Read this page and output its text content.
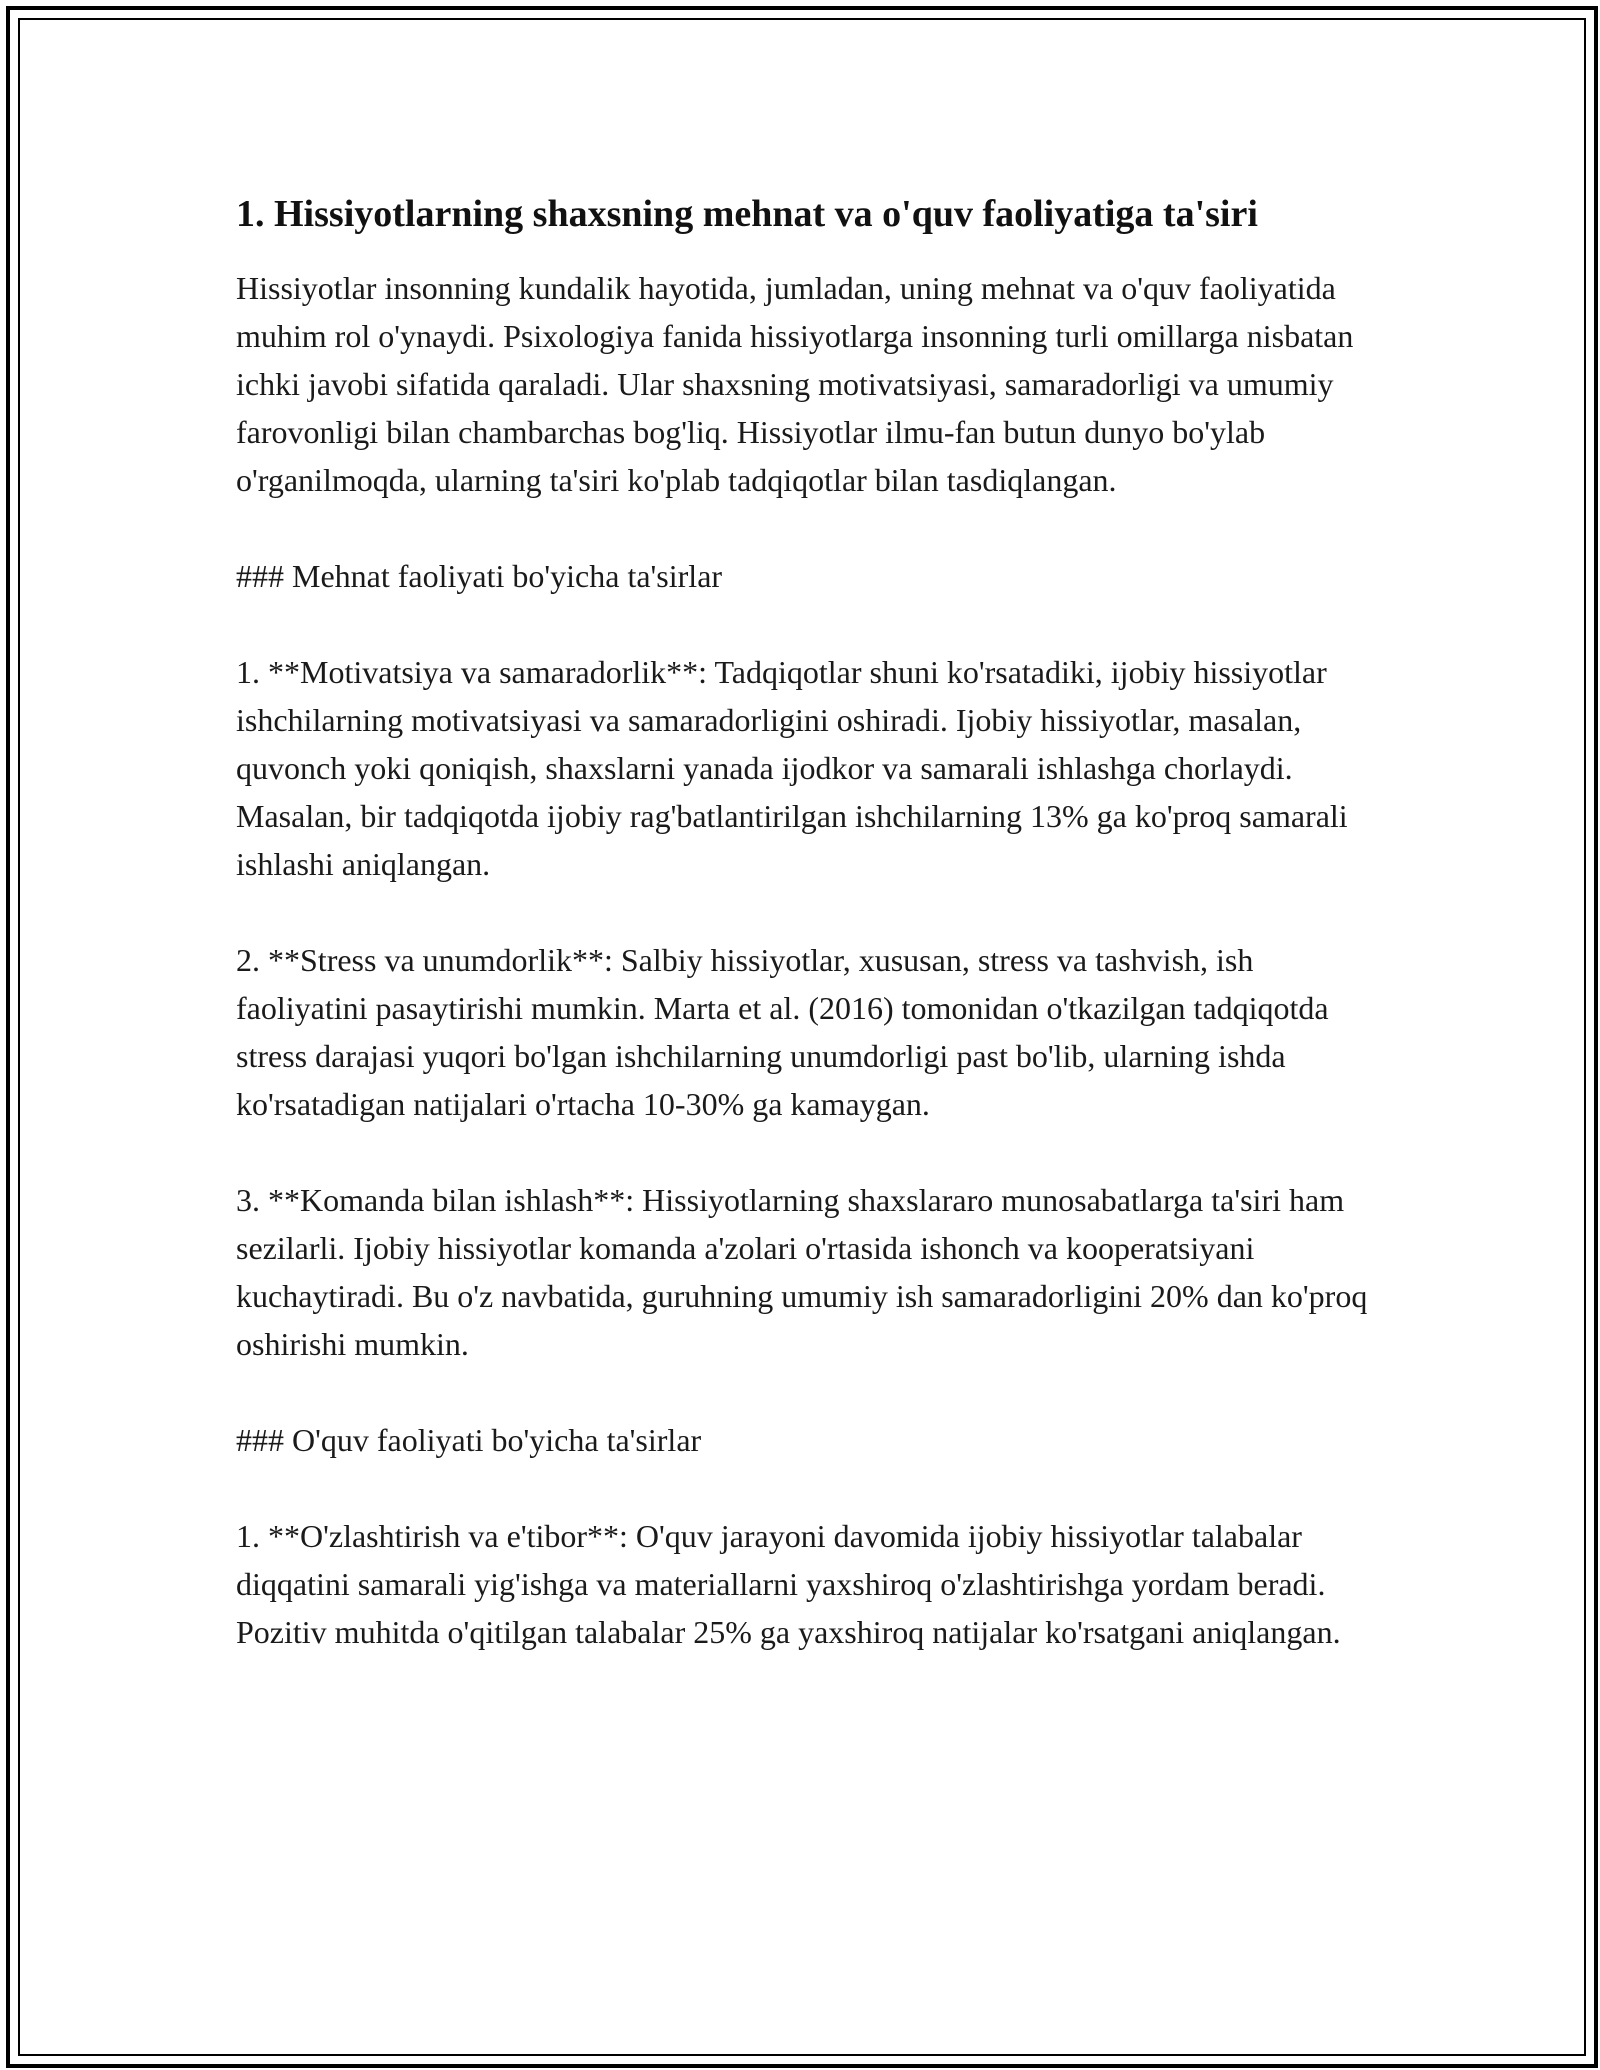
1. Hissiyotlarning shaxsning mehnat va o'quv faoliyatiga ta'siri

Hissiyotlar insonning kundalik hayotida, jumladan, uning mehnat va o'quv faoliyatida muhim rol o'ynaydi. Psixologiya fanida hissiyotlarga insonning turli omillarga nisbatan ichki javobi sifatida qaraladi. Ular shaxsning motivatsiyasi, samaradorligi va umumiy farovonligi bilan chambarchas bog'liq. Hissiyotlar ilmu-fan butun dunyo bo'ylab o'rganilmoqda, ularning ta'siri ko'plab tadqiqotlar bilan tasdiqlangan.

### Mehnat faoliyati bo'yicha ta'sirlar

1. **Motivatsiya va samaradorlik**: Tadqiqotlar shuni ko'rsatadiki, ijobiy hissiyotlar ishchilarning motivatsiyasi va samaradorligini oshiradi. Ijobiy hissiyotlar, masalan, quvonch yoki qoniqish, shaxslarni yanada ijodkor va samarali ishlashga chorlaydi. Masalan, bir tadqiqotda ijobiy rag'batlantirilgan ishchilarning 13% ga ko'proq samarali ishlashi aniqlangan.

2. **Stress va unumdorlik**: Salbiy hissiyotlar, xususan, stress va tashvish, ish faoliyatini pasaytirishi mumkin. Marta et al. (2016) tomonidan o'tkazilgan tadqiqotda stress darajasi yuqori bo'lgan ishchilarning unumdorligi past bo'lib, ularning ishda ko'rsatadigan natijalari o'rtacha 10-30% ga kamaygan.

3. **Komanda bilan ishlash**: Hissiyotlarning shaxslararo munosabatlarga ta'siri ham sezilarli. Ijobiy hissiyotlar komanda a'zolari o'rtasida ishonch va kooperatsiyani kuchaytiradi. Bu o'z navbatida, guruhning umumiy ish samaradorligini 20% dan ko'proq oshirishi mumkin.

### O'quv faoliyati bo'yicha ta'sirlar

1. **O'zlashtirish va e'tibor**: O'quv jarayoni davomida ijobiy hissiyotlar talabalar diqqatini samarali yig'ishga va materiallarni yaxshiroq o'zlashtirishga yordam beradi. Pozitiv muhitda o'qitilgan talabalar 25% ga yaxshiroq natijalar ko'rsatgani aniqlangan.
